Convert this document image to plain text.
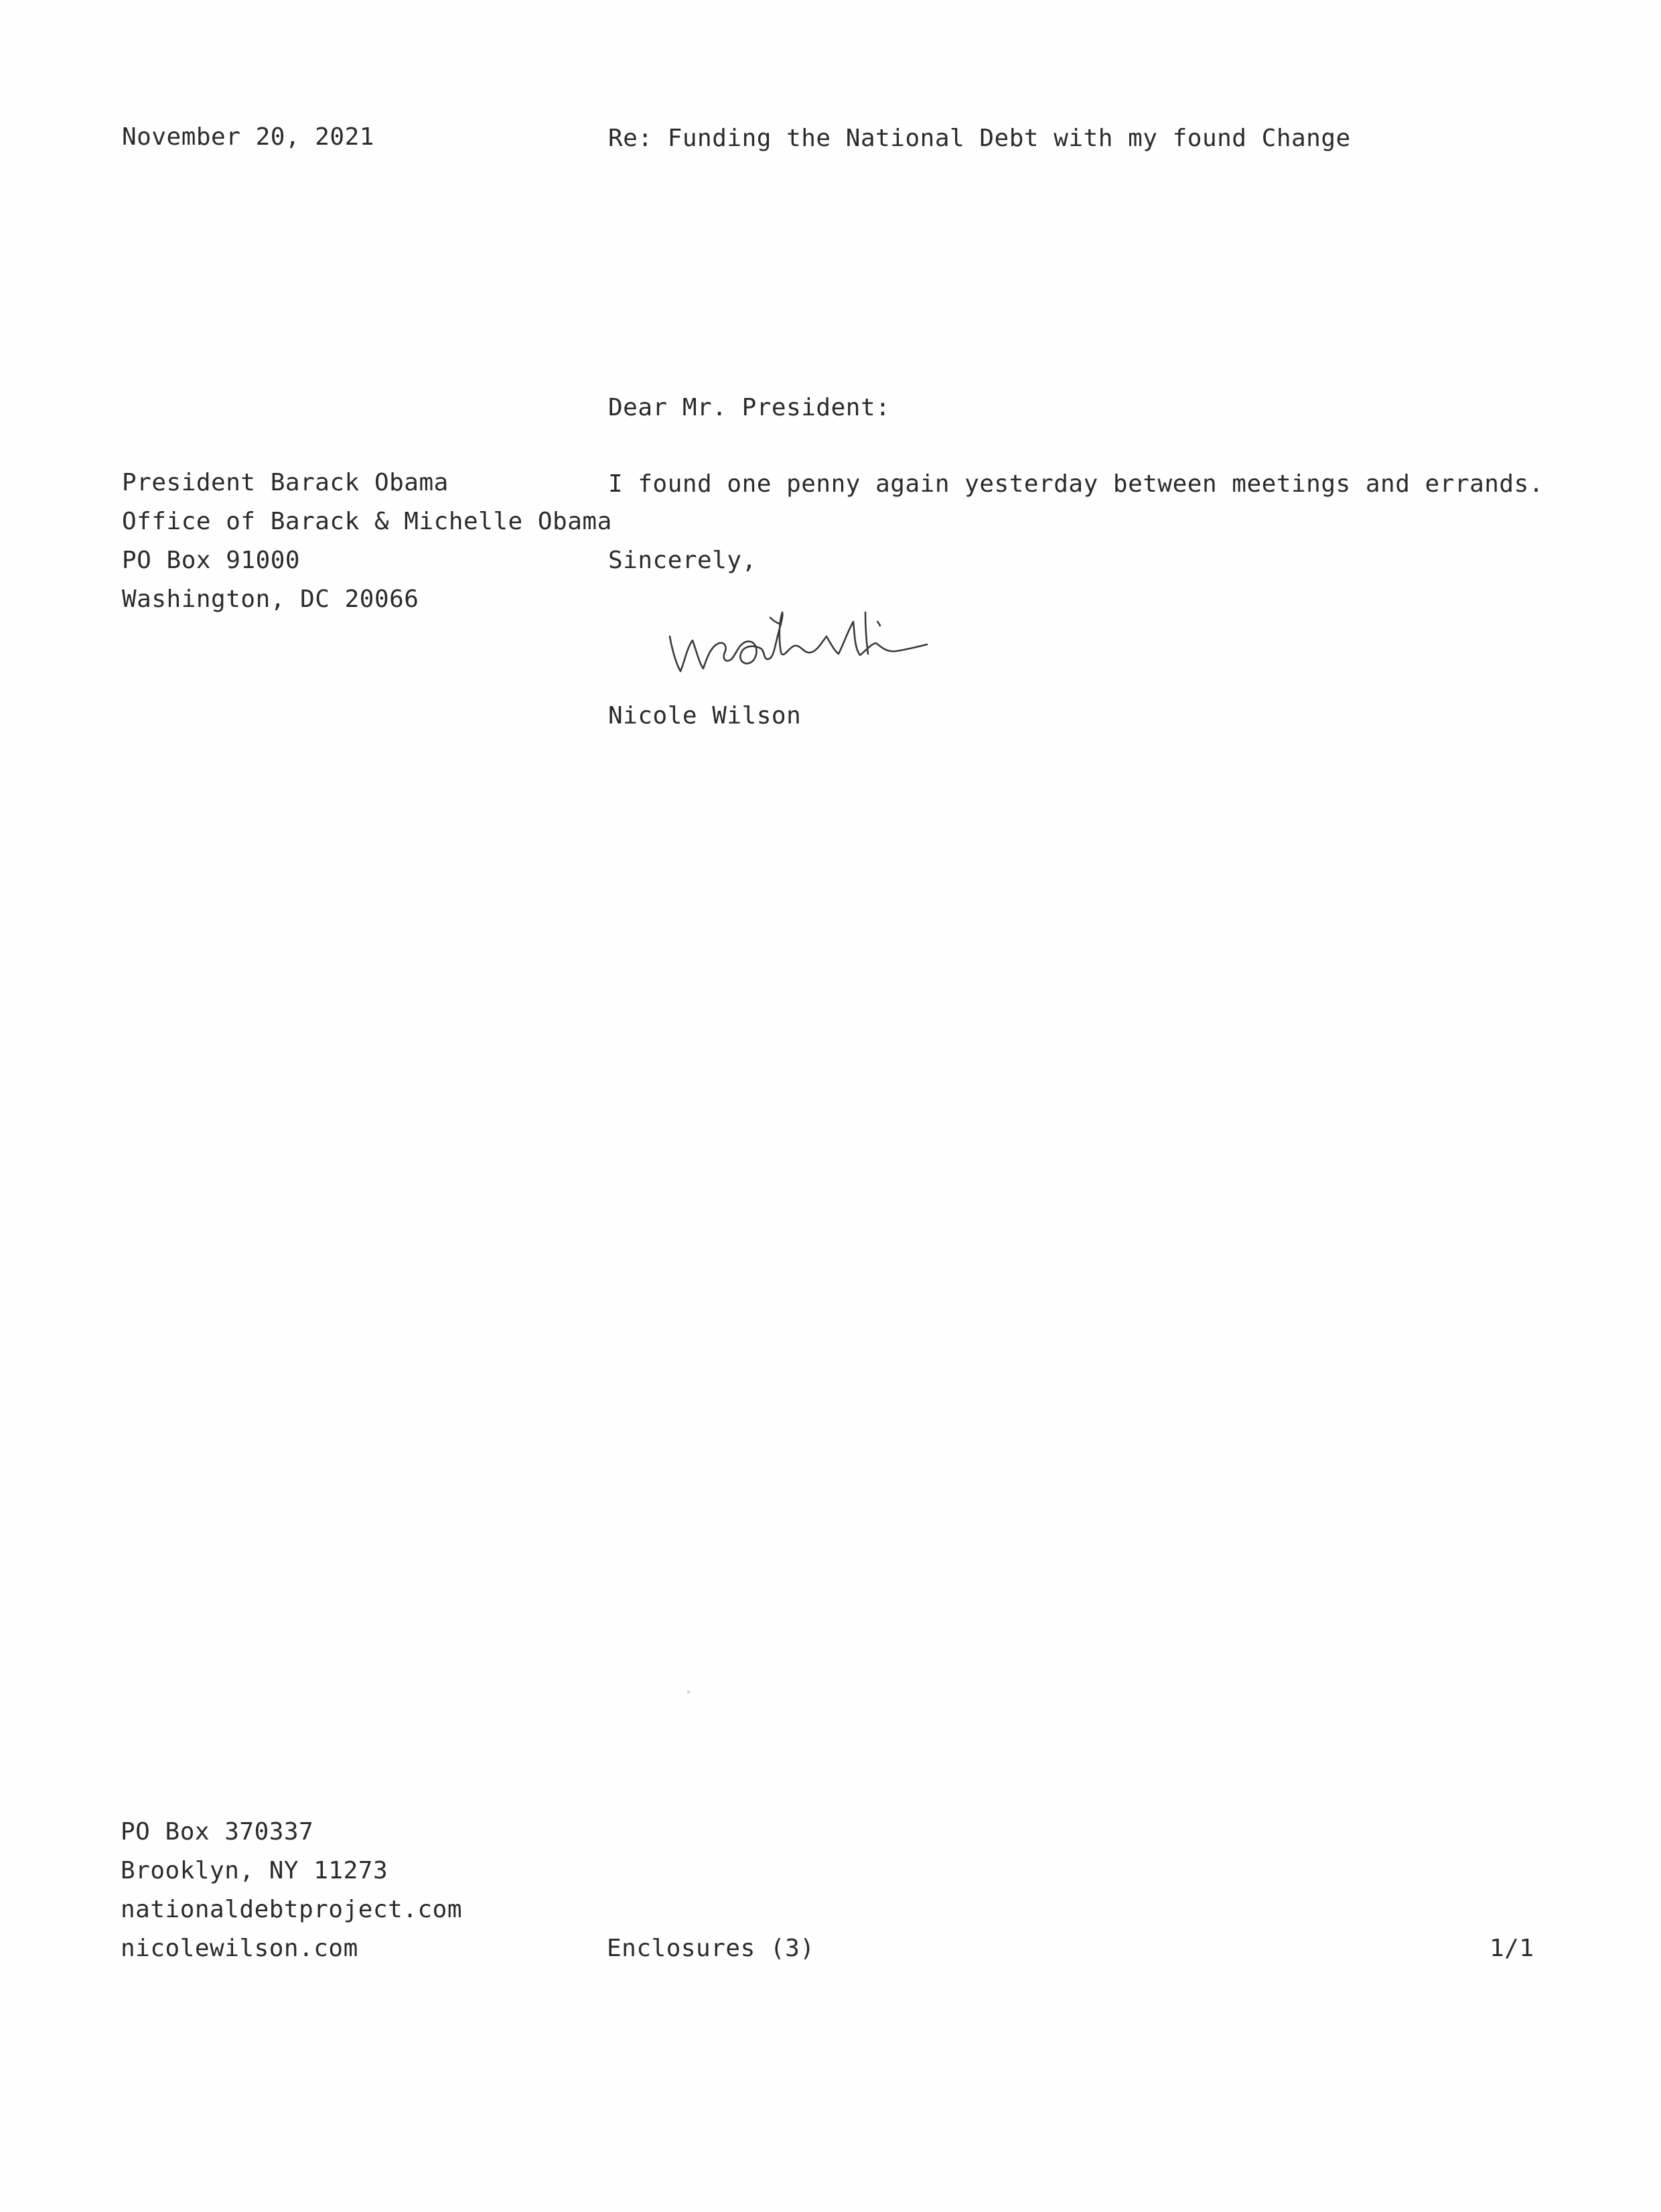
November 20, 2021	Re: Funding the National Debt with my found Change
President Barack Obama
Office of Barack & Michelle Obama
PO Box 91000
Washington, DC 20066
Dear Mr. President:
I found one penny again yesterday between meetings and errands.
Sincerely,
Nicole Wilson
PO Box 370337
Brooklyn, NY 11273
nationaldebtproject.com
nicolewilson.com	Enclosures (3)	1/1
